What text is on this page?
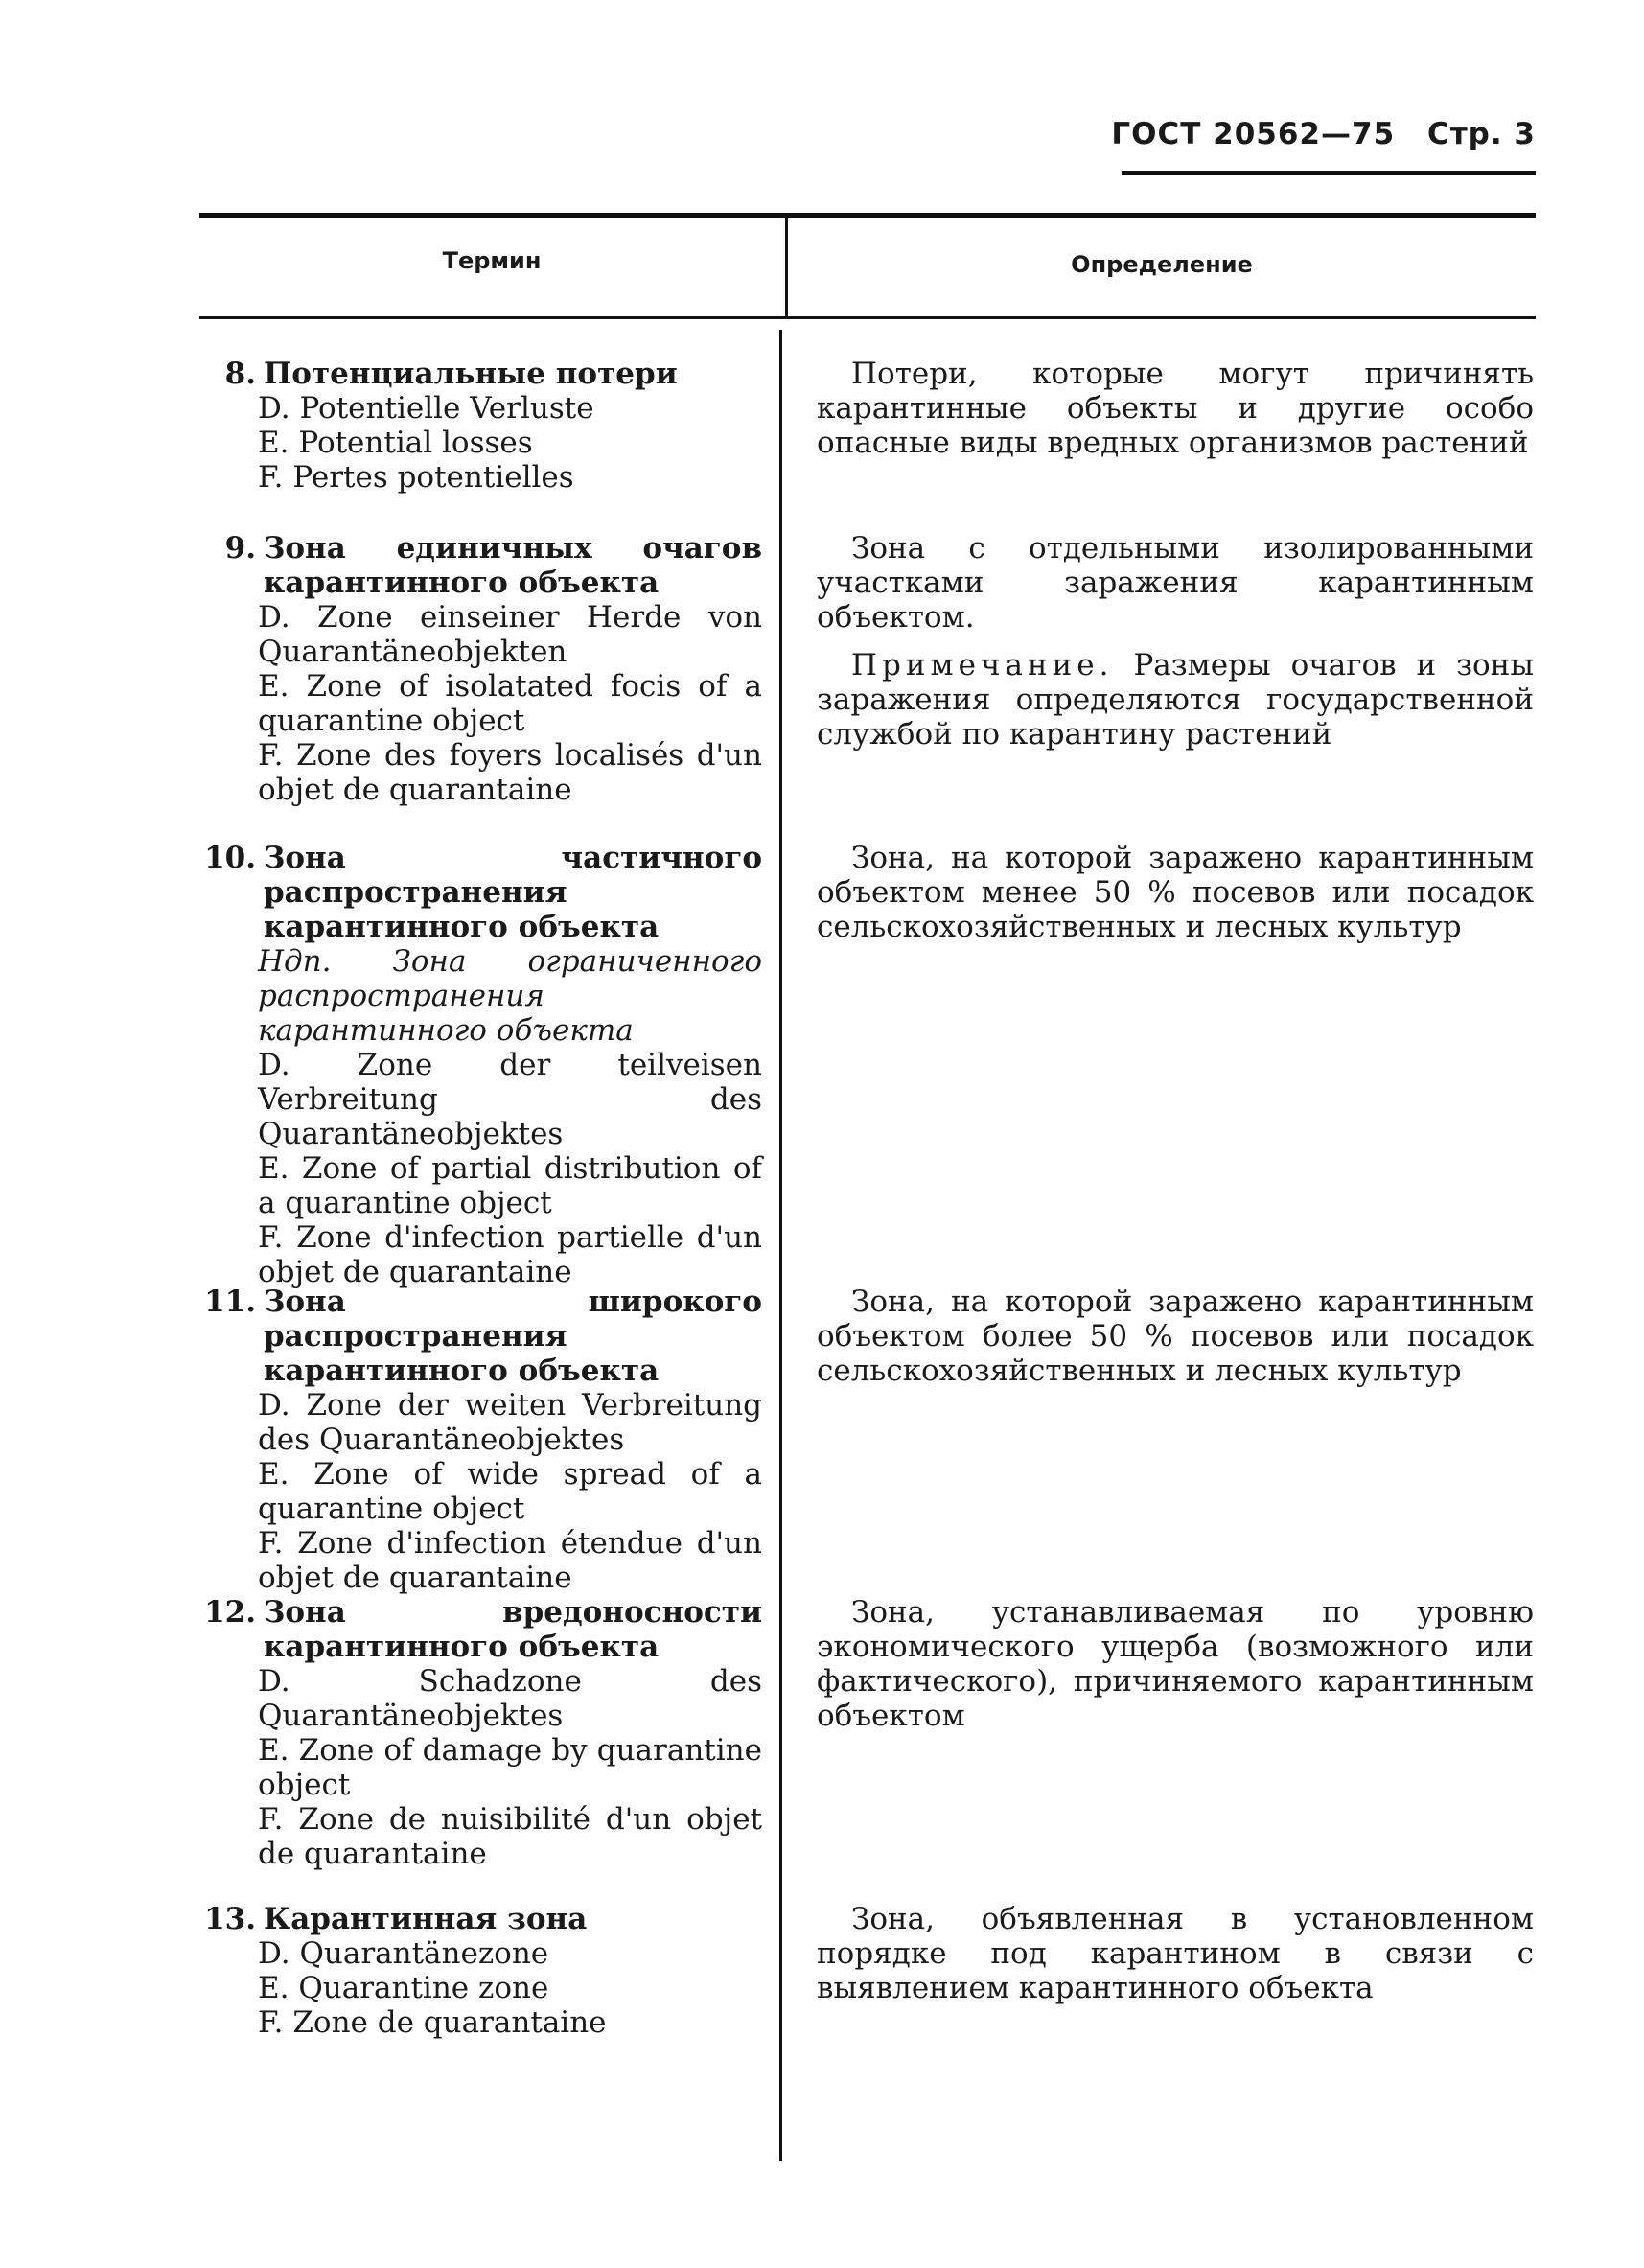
ГОСТ 20562—75 Стр. 3
Термин	Определение
8. Потенциальные потери
D. Potentielle Verluste
E. Potential losses
F. Pertes potentielles
9. Зона единичных очагов карантинного объекта
D. Zone einseiner Herde von Quarantäneobjekten
E. Zone of isolatated focis of a quarantine object
F. Zone des foyers localisés d'un objet de quarantaine
10. Зона частичного распространения карантинного объекта
Ндп. Зона ограниченного распространения карантинного объекта
D. Zone der teilveisen Verbreitung des Quarantäneobjektes
E. Zone of partial distribution of a quarantine object
F. Zone d'infection partielle d'un objet de quarantaine
11. Зона широкого распространения карантинного объекта
D. Zone der weiten Verbreitung des Quarantäneobjektes
E. Zone of wide spread of a quarantine object
F. Zone d'infection étendue d'un objet de quarantaine
12. Зона вредоносности карантинного объекта
D. Schadzone des Quarantäneobjektes
E. Zone of damage by quarantine object
F. Zone de nuisibilité d'un objet de quarantaine
13. Карантинная зона
D. Quarantänezone
E. Quarantine zone
F. Zone de quarantaine

Потери, которые могут причинять карантинные объекты и другие особо опасные виды вредных организмов растений

Зона с отдельными изолированными участками заражения карантинным объектом.

Примечание. Размеры очагов и зоны заражения определяются государственной службой по карантину растений

Зона, на которой заражено карантинным объектом менее 50 % посевов или посадок сельскохозяйственных и лесных культур

Зона, на которой заражено карантинным объектом более 50 % посевов или посадок сельскохозяйственных и лесных культур

Зона, устанавливаемая по уровню экономического ущерба (возможного или фактического), причиняемого карантинным объектом

Зона, объявленная в установленном порядке под карантином в связи с выявлением карантинного объекта
